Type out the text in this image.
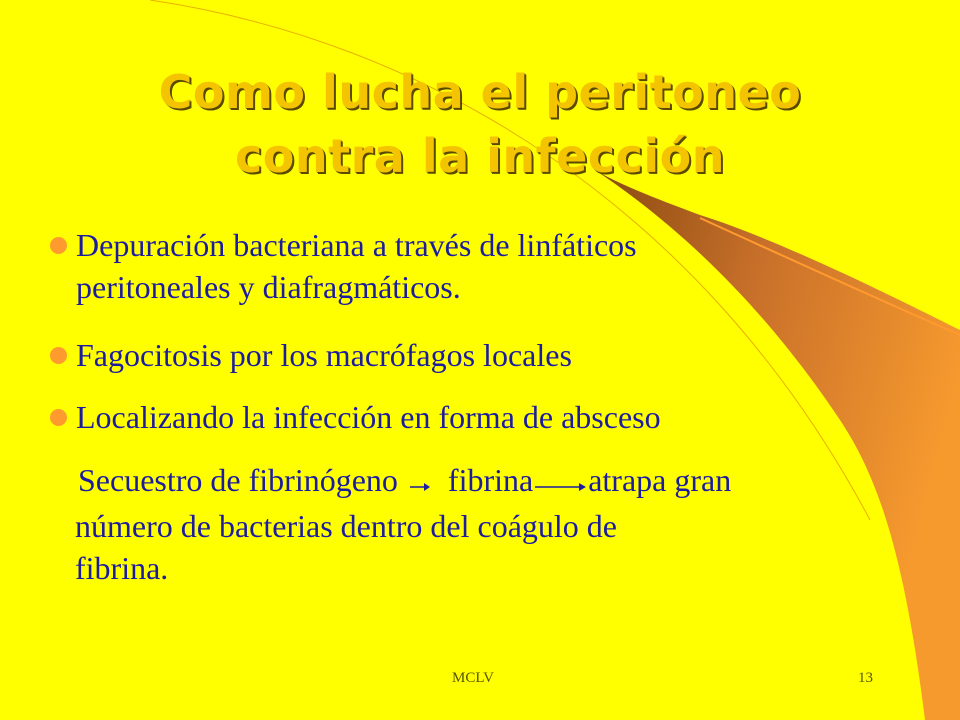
Como lucha el peritoneo
contra la infección
Depuración bacteriana a través de linfáticos
peritoneales y diafragmáticos.
Fagocitosis por los macrófagos locales
Localizando la infección en forma de absceso
Secuestro de fibrinógeno fibrina atrapa gran
número de bacterias dentro del coágulo de
fibrina.
MCLV	13
